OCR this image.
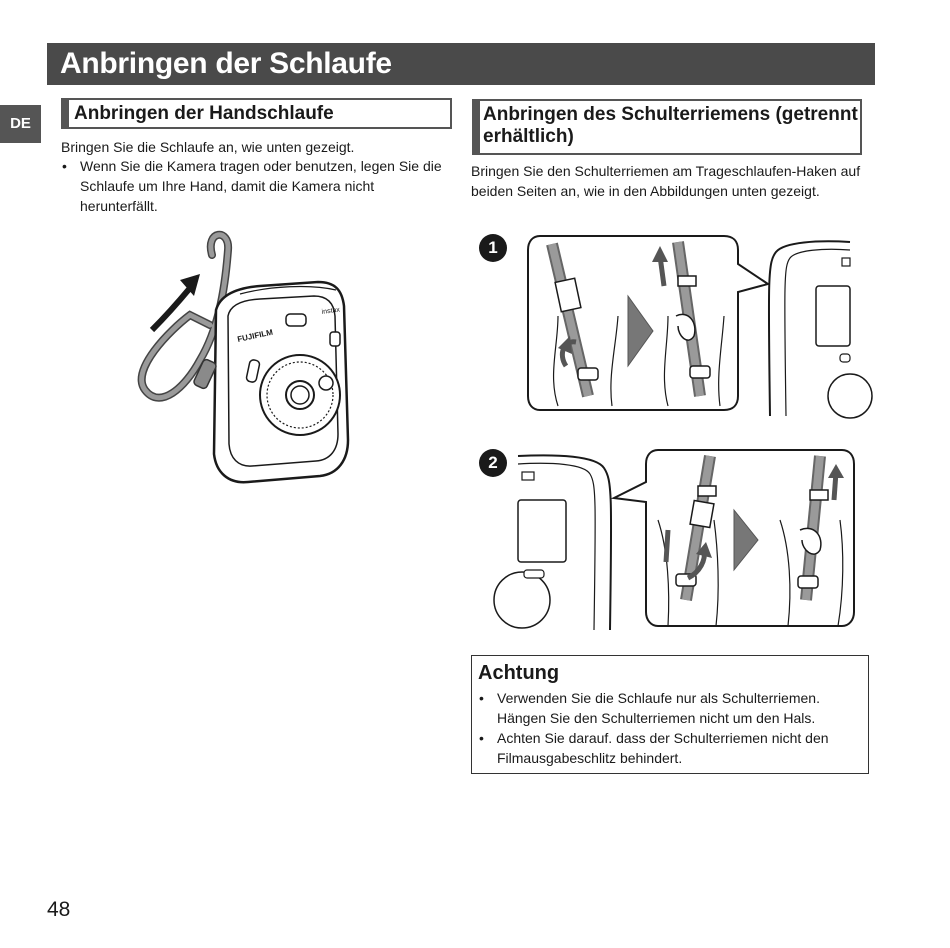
Anbringen der Schlaufe
DE	Anbringen der Handschlaufe
Bringen Sie die Schlaufe an, wie unten gezeigt.
• Wenn Sie die Kamera tragen oder benutzen, legen Sie die Schlaufe um Ihre Hand, damit die Kamera nicht herunterfällt.
FUJIFILM
instax
Anbringen des Schulterriemens (getrennt erhältlich)
Bringen Sie den Schulterriemen am Trageschlaufen-Haken auf beiden Seiten an, wie in den Abbildungen unten gezeigt.
1
2
Achtung
• Verwenden Sie die Schlaufe nur als Schulterriemen. Hängen Sie den Schulterriemen nicht um den Hals.
• Achten Sie darauf. dass der Schulterriemen nicht den Filmausgabeschlitz behindert.
48
